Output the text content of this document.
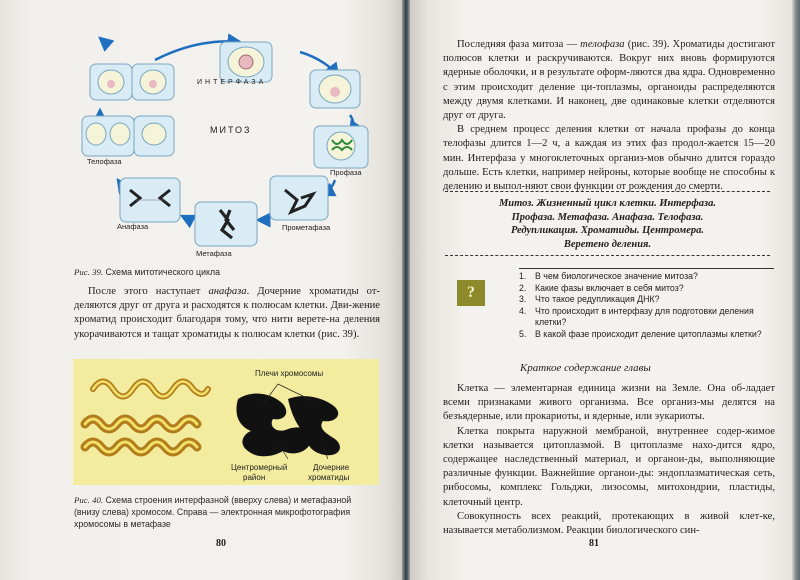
ИНТЕРФАЗА
МИТОЗ
Телофаза
Профаза
Анафаза
Метафаза
Прометафаза
Рис. 39. Схема митотического цикла

После этого наступает анафаза. Дочерние хроматиды от-деляются друг от друга и расходятся к полюсам клетки. Дви-жение хроматид происходит благодаря тому, что нити верете-на деления укорачиваются и тащат хроматиды к полюсам клетки (рис. 39).

Плечи хромосомы
Центромерный
район
Дочерние
хроматиды
Рис. 40. Схема строения интерфазной (вверху слева) и метафазной (внизу слева) хромосом. Справа — электронная микрофотография хромосомы в метафазе
80

Последняя фаза митоза — телофаза (рис. 39). Хроматиды достигают полюсов клетки и раскручиваются. Вокруг них вновь формируются ядерные оболочки, и в результате оформ-ляются два ядра. Одновременно с этим происходит деление ци-топлазмы, органоиды распределяются между двумя клетками. И наконец, две одинаковые клетки отделяются друг от друга.

В среднем процесс деления клетки от начала профазы до конца телофазы длится 1—2 ч, а каждая из этих фаз продол-жается 15—20 мин. Интерфаза у многоклеточных организ-мов обычно длится гораздо дольше. Есть клетки, например нейроны, которые вообще не способны к делению и выпол-няют свои функции от рождения до смерти.

Митоз. Жизненный цикл клетки. Интерфаза.
Профаза. Метафаза. Анафаза. Телофаза.
Редупликация. Хроматиды. Центромера.
Веретено деления.
?
1. В чем биологическое значение митоза?
2. Какие фазы включает в себя митоз?
3. Что такое редупликация ДНК?
4. Что происходит в интерфазу для подготовки деления клетки?
5. В какой фазе происходит деление цитоплазмы клетки?
Краткое содержание главы

Клетка — элементарная единица жизни на Земле. Она об-ладает всеми признаками живого организма. Все организ-мы делятся на безъядерные, или прокариоты, и ядерные, или эукариоты.

Клетка покрыта наружной мембраной, внутреннее содер-жимое клетки называется цитоплазмой. В цитоплазме нахо-дится ядро, содержащее наследственный материал, и органои-ды, выполняющие различные функции. Важнейшие органои-ды: эндоплазматическая сеть, рибосомы, комплекс Гольджи, лизосомы, митохондрии, пластиды, клеточный центр.

Совокупность всех реакций, протекающих в живой клет-ке, называется метаболизмом. Реакции биологического син-

81
